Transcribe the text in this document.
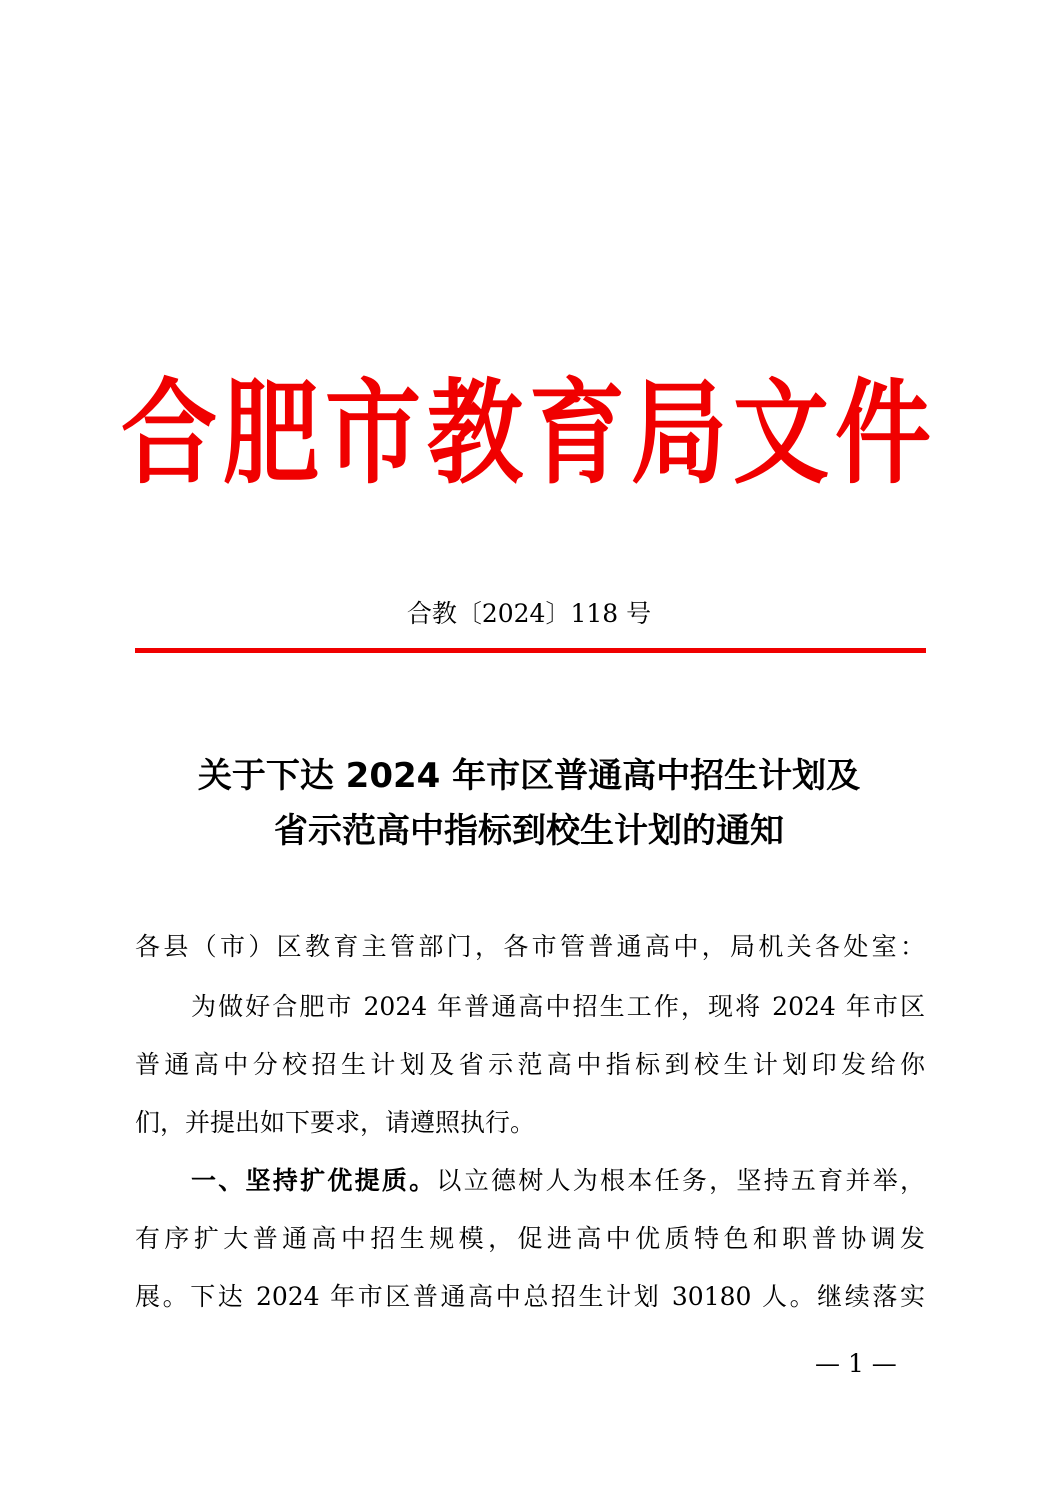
合肥市教育局文件
合教〔2024〕118 号
关于下达 2024 年市区普通高中招生计划及
省示范高中指标到校生计划的通知
各县（市）区教育主管部门，各市管普通高中，局机关各处室：
为做好合肥市 2024 年普通高中招生工作，现将 2024 年市区
普通高中分校招生计划及省示范高中指标到校生计划印发给你
们，并提出如下要求，请遵照执行。
一、坚持扩优提质。以立德树人为根本任务，坚持五育并举，
有序扩大普通高中招生规模，促进高中优质特色和职普协调发
展。下达 2024 年市区普通高中总招生计划 30180 人。继续落实
— 1 —
